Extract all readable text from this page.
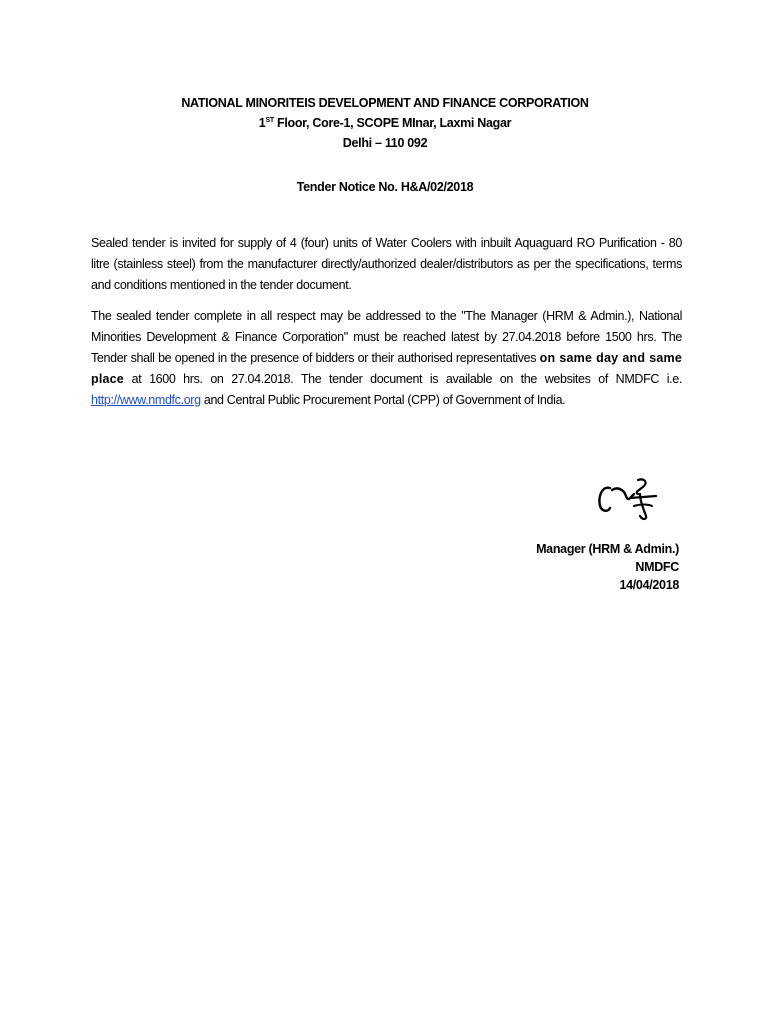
NATIONAL MINORITEIS DEVELOPMENT AND FINANCE CORPORATION
1ST Floor, Core-1, SCOPE MInar, Laxmi Nagar
Delhi – 110 092
Tender Notice No. H&A/02/2018
Sealed tender is invited for supply of 4 (four) units of Water Coolers with inbuilt Aquaguard RO Purification - 80 litre (stainless steel) from the manufacturer directly/authorized dealer/distributors as per the specifications, terms and conditions mentioned in the tender document.
The sealed tender complete in all respect may be addressed to the "The Manager (HRM & Admin.), National Minorities Development & Finance Corporation" must be reached latest by 27.04.2018 before 1500 hrs. The Tender shall be opened in the presence of bidders or their authorised representatives on same day and same place at 1600 hrs. on 27.04.2018. The tender document is available on the websites of NMDFC i.e. http://www.nmdfc.org and Central Public Procurement Portal (CPP) of Government of India.
Manager (HRM & Admin.)
NMDFC
14/04/2018
